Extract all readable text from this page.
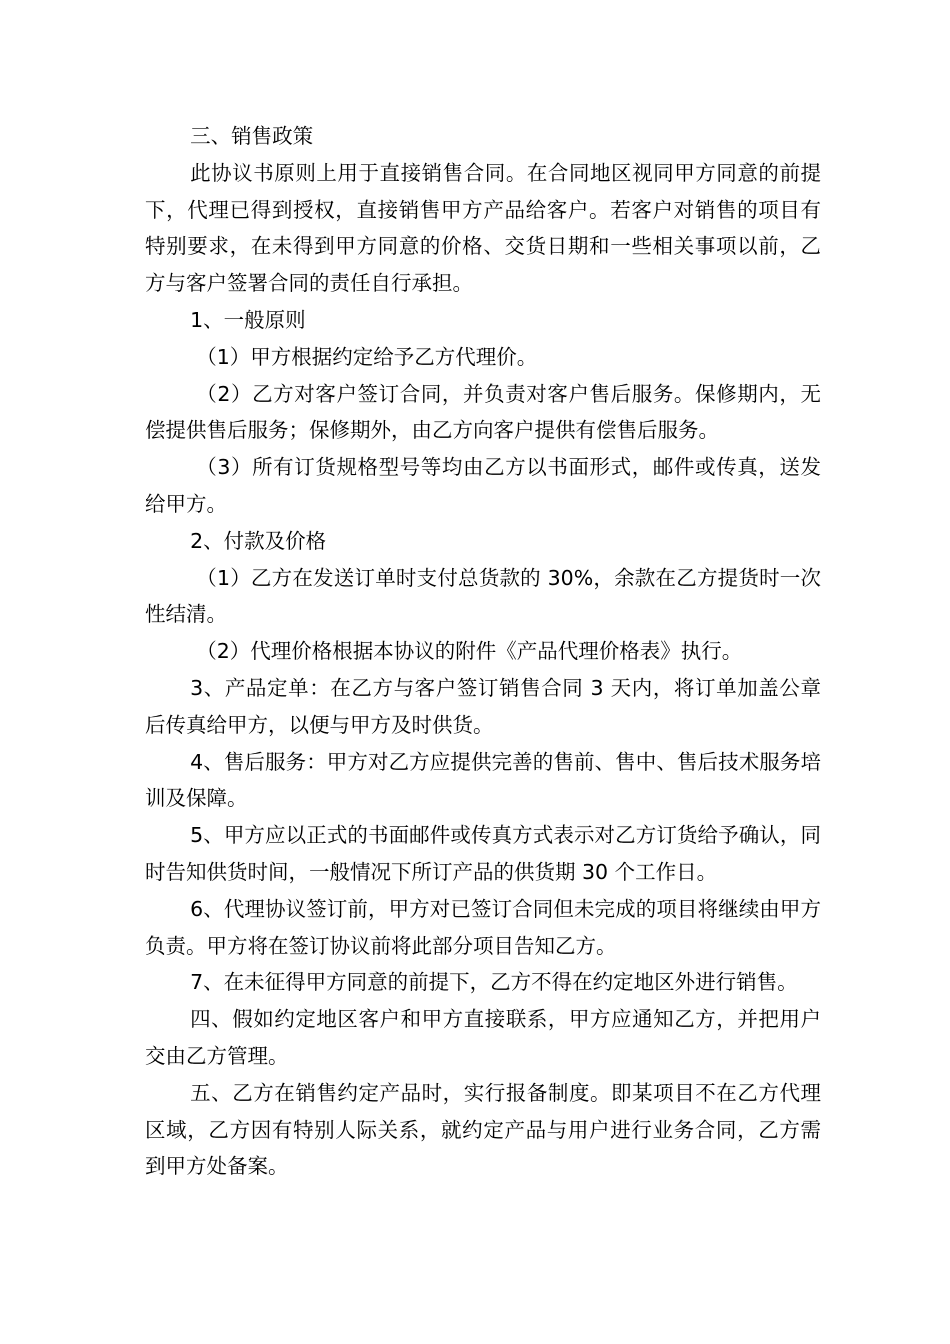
三、销售政策

此协议书原则上用于直接销售合同。在合同地区视同甲方同意的前提下，代理已得到授权，直接销售甲方产品给客户。若客户对销售的项目有特别要求，在未得到甲方同意的价格、交货日期和一些相关事项以前，乙方与客户签署合同的责任自行承担。

1、一般原则

（1）甲方根据约定给予乙方代理价。

（2）乙方对客户签订合同，并负责对客户售后服务。保修期内，无偿提供售后服务；保修期外，由乙方向客户提供有偿售后服务。

（3）所有订货规格型号等均由乙方以书面形式，邮件或传真，送发给甲方。

2、付款及价格

（1）乙方在发送订单时支付总货款的 30%，余款在乙方提货时一次性结清。

（2）代理价格根据本协议的附件《产品代理价格表》执行。

3、产品定单：在乙方与客户签订销售合同 3 天内，将订单加盖公章后传真给甲方，以便与甲方及时供货。

4、售后服务：甲方对乙方应提供完善的售前、售中、售后技术服务培训及保障。

5、甲方应以正式的书面邮件或传真方式表示对乙方订货给予确认，同时告知供货时间，一般情况下所订产品的供货期 30 个工作日。

6、代理协议签订前，甲方对已签订合同但未完成的项目将继续由甲方负责。甲方将在签订协议前将此部分项目告知乙方。

7、在未征得甲方同意的前提下，乙方不得在约定地区外进行销售。

四、假如约定地区客户和甲方直接联系，甲方应通知乙方，并把用户交由乙方管理。

五、乙方在销售约定产品时，实行报备制度。即某项目不在乙方代理区域，乙方因有特别人际关系，就约定产品与用户进行业务合同，乙方需到甲方处备案。
